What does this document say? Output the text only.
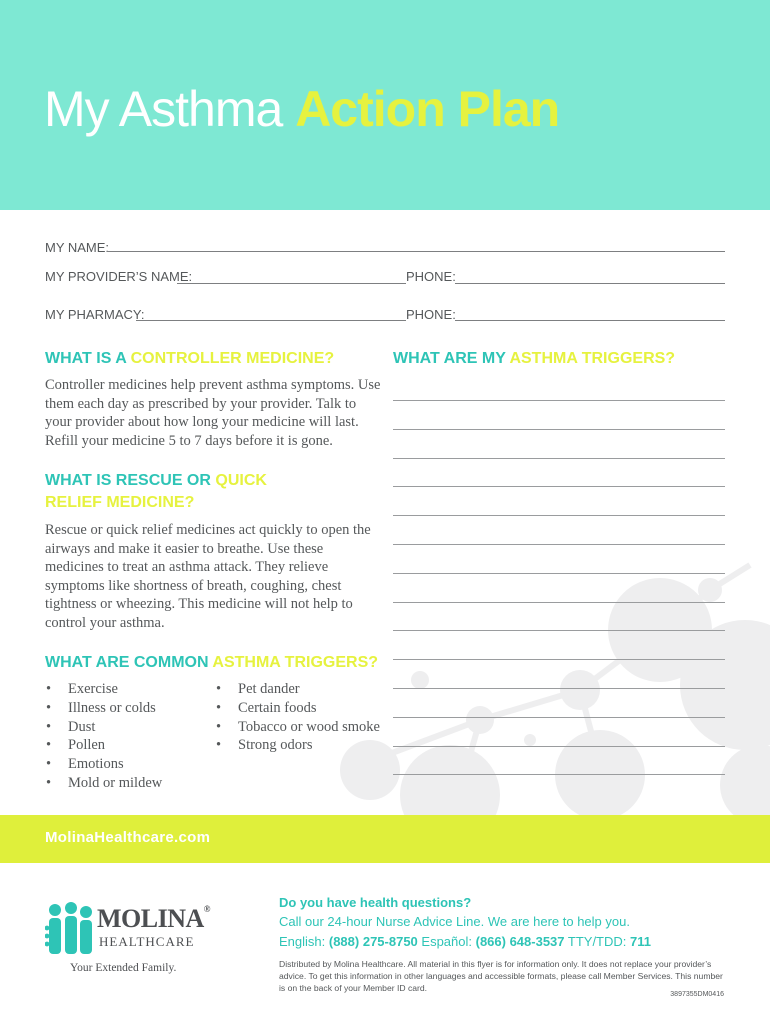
My Asthma Action Plan
MY NAME:
MY PROVIDER’S NAME:	PHONE:
MY PHARMACY:	PHONE:
WHAT IS A CONTROLLER MEDICINE?
Controller medicines help prevent asthma symptoms. Use them each day as prescribed by your provider. Talk to your provider about how long your medicine will last. Refill your medicine 5 to 7 days before it is gone.
WHAT IS RESCUE OR QUICK
RELIEF MEDICINE?
Rescue or quick relief medicines act quickly to open the airways and make it easier to breathe. Use these medicines to treat an asthma attack. They relieve symptoms like shortness of breath, coughing, chest tightness or wheezing. This medicine will not help to control your asthma.
WHAT ARE COMMON ASTHMA TRIGGERS?
• Exercise
• Illness or colds
• Dust
• Pollen
• Emotions
• Mold or mildew
• Pet dander
• Certain foods
• Tobacco or wood smoke
• Strong odors
WHAT ARE MY ASTHMA TRIGGERS?
MolinaHealthcare.com
MOLINA®
HEALTHCARE
Your Extended Family.
Do you have health questions?
Call our 24-hour Nurse Advice Line. We are here to help you.
English: (888) 275-8750 Español: (866) 648-3537 TTY/TDD: 711
Distributed by Molina Healthcare. All material in this flyer is for information only. It does not replace your provider’s advice. To get this information in other languages and accessible formats, please call Member Services. This number is on the back of your Member ID card.
3897355DM0416
